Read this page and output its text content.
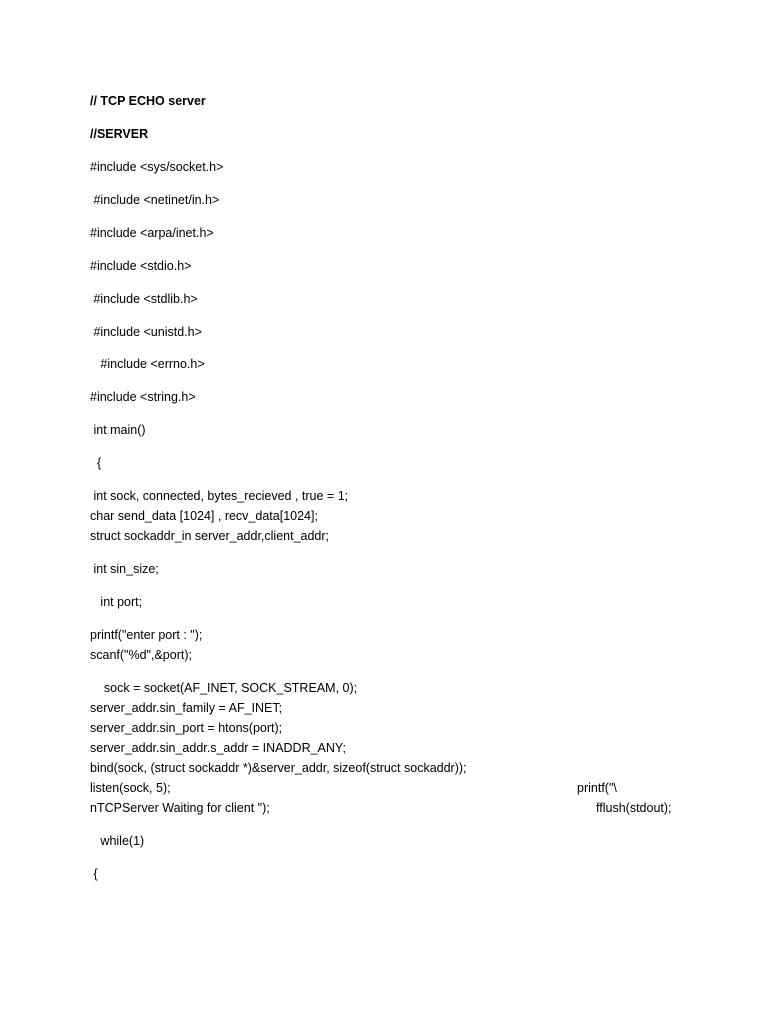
// TCP ECHO server
//SERVER
#include <sys/socket.h>
#include <netinet/in.h>
#include <arpa/inet.h>
#include <stdio.h>
#include <stdlib.h>
#include <unistd.h>
#include <errno.h>
#include <string.h>
int main()
{
int sock, connected, bytes_recieved , true = 1;
char send_data [1024] , recv_data[1024];
struct sockaddr_in server_addr,client_addr;
int sin_size;
int port;
printf("enter port : ");
scanf("%d",&port);
sock = socket(AF_INET, SOCK_STREAM, 0);
server_addr.sin_family = AF_INET;
server_addr.sin_port = htons(port);
server_addr.sin_addr.s_addr = INADDR_ANY;
bind(sock, (struct sockaddr *)&server_addr, sizeof(struct sockaddr));
listen(sock, 5);	printf("\
nTCPServer Waiting for client ");	fflush(stdout);
while(1)
{
